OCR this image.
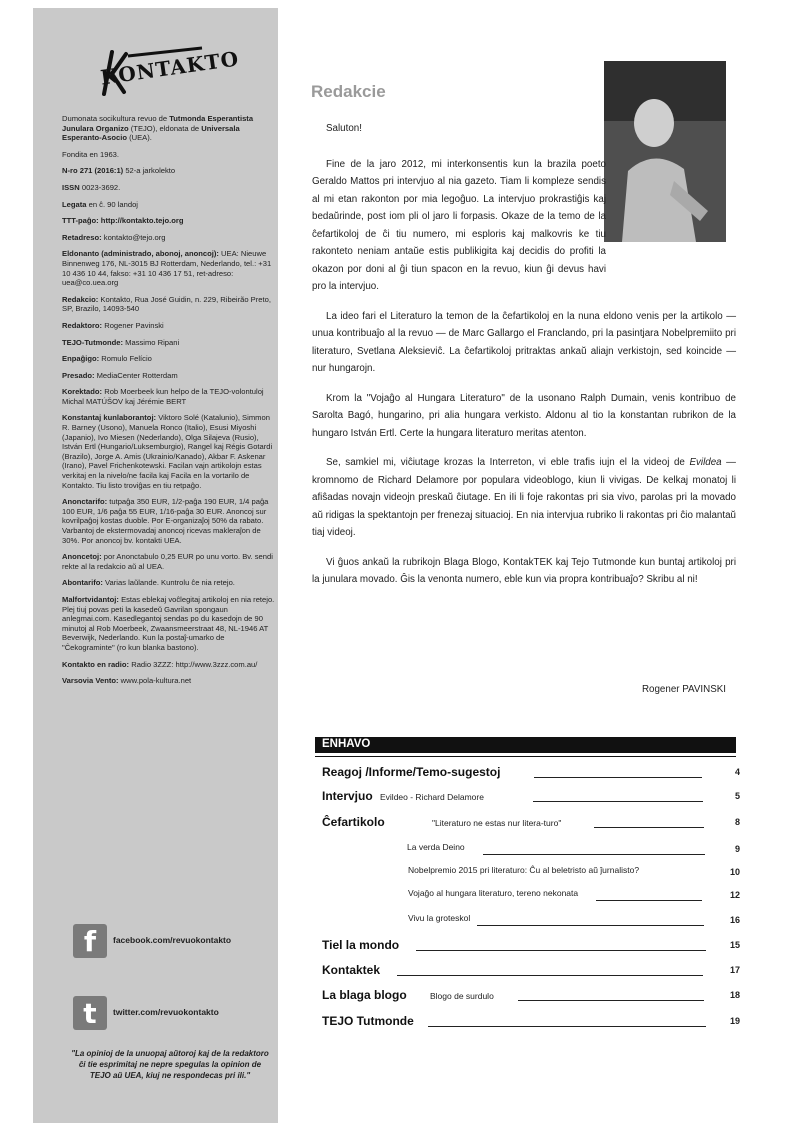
KONTAKTO

Dumonata socikultura revuo de Tutmonda Esperantista Junulara Organizo (TEJO), eldonata de Universala Esperanto-Asocio (UEA).

Fondita en 1963.

N-ro 271 (2016:1) 52-a jarkolekto

ISSN 0023-3692.

Legata en ĉ. 90 landoj

TTT-paĝo: http://kontakto.tejo.org

Retadreso: kontakto@tejo.org

Eldonanto (administrado, abonoj, anoncoj): UEA: Nieuwe Binnenweg 176, NL-3015 BJ Rotterdam, Nederlando, tel.: +31 10 436 10 44, fakso: +31 10 436 17 51, ret-adreso: uea@co.uea.org

Redakcio: Kontakto, Rua José Guidin, n. 229, Ribeirão Preto, SP, Brazilo, 14093-540

Redaktoro: Rogener Pavinski

TEJO-Tutmonde: Massimo Ripani

Enpaĝigo: Romulo Felício

Presado: MediaCenter Rotterdam

Korektado: Rob Moerbeek kun helpo de la TEJO-volontuloj Michal MATÚŠOV kaj Jérémie BERT

Konstantaj kunlaborantoj: Viktoro Solé (Katalunio), Simmon R. Barney (Usono), Manuela Ronco (Italio), Esusi Miyoshi (Japanio), Ivo Miesen (Nederlando), Olga Silajeva (Rusio), István Ertl (Hungario/Luksemburgio), Rangel kaj Régis Gotardi (Brazilo), Jorge A. Amis (Ukrainio/Kanado), Akbar F. Askenar (Irano), Pavel Frichenkotewski. Facilan vajn artikolojn estas verkitaj en la nivelo/ne facila kaj Facila en la vortarilo de Kontakto. Tiu listo troviĝas en tiu retpaĝo.

Anonctarifo: tutpaĝa 350 EUR, 1/2-paĝa 190 EUR, 1/4 paĝa 100 EUR, 1/6 paĝa 55 EUR, 1/16-paĝa 30 EUR. Anoncoj sur kovrilpaĝoj kostas duoble. Por E-organizaĵoj 50% da rabato. Varbantoj de ekstermovadaj anoncoj ricevas makleraĵon de 30%. Por anoncoj bv. kontakti UEA.

Anoncetoj: por Anonctabulo 0,25 EUR po unu vorto. Bv. sendi rekte al la redakcio aŭ al UEA.

Abontarifo: Varias laŭlande. Kuntrolu ĉe nia retejo.

Malfortvidantoj: Estas eblekaj voĉlegitaj artikoloj en nia retejo. Plej tiuj povas peti la kasedeŭ Gavrilan spongaun anlegmai.com. Kasedlegantoj sendas po du kasedojn de 90 minutoj al Rob Moerbeek, Zwaansmeerstraat 48, NL-1946 AT Beverwijk, Nederlando. Kun la postaĵ-umarko de "Ĉekograminte" (ro kun blanka bastono).

Kontakto en radio: Radio 3ZZZ: http://www.3zzz.com.au/

Varsovia Vento: www.pola-kultura.net

f	facebook.com/revuokontakto
t	twitter.com/revuokontakto
"La opinioj de la unuopaj aŭtoroj kaj de la redaktoro ĉi tie esprimitaj ne nepre spegulas la opinion de TEJO aŭ UEA, kiuj ne respondecas pri ili."
Redakcie

Saluton!

Fine de la jaro 2012, mi interkonsentis kun la brazila poeto Geraldo Mattos pri intervjuo al nia gazeto. Tiam li kompleze sendis al mi etan rakonton por mia legoĝuo. La intervjuo prokrastiĝis kaj bedaŭrinde, post iom pli ol jaro li forpasis. Okaze de la temo de la ĉefartikoloj de ĉi tiu numero, mi esploris kaj malkovris ke tiu rakonteto neniam antaŭe estis publikigita kaj decidis do profiti la okazon por doni al ĝi tiun spacon en la revuo, kiun ĝi devus havi pro la intervjuo.

La ideo fari el Literaturo la temon de la ĉefartikoloj en la nuna eldono venis per la artikolo — unua kontribuaĵo al la revuo — de Marc Gallargo el Franclando, pri la pasintjara Nobelpremiito pri literaturo, Svetlana Aleksieviĉ. La ĉefartikoloj pritraktas ankaŭ aliajn verkistojn, sed koincide — nur hungarojn.

Krom la "Vojaĝo al Hungara Literaturo" de la usonano Ralph Dumain, venis kontribuo de Sarolta Bagó, hungarino, pri alia hungara verkisto. Aldonu al tio la konstantan rubrikon de la hungaro István Ertl. Certe la hungara literaturo meritas atenton.

Se, samkiel mi, viĉiutage krozas la Interreton, vi eble trafis iujn el la videoj de Evildea — kromnomo de Richard Delamore por populara videoblogo, kiun li vivigas. De kelkaj monatoj li afiŝadas novajn videojn preskaŭ ĉiutage. En iIi li foje rakontas pri sia vivo, parolas pri la movado aŭ ridigas la spektantojn per frenezaj situacioj. En nia intervjua rubriko li rakontas pri ĉio malantaŭ tiaj videoj.

Vi ĝuos ankaŭ la rubrikojn Blaga Blogo, KontakTEK kaj Tejo Tutmonde kun buntaj artikoloj pri la junulara movado. Ĝis la venonta numero, eble kun via propra kontribuaĵo? Skribu al ni!

Rogener PAVINSKI
ENHAVO
Reagoj /Informe/Temo-sugestoj	4
Intervjuo Evildeo - Richard Delamore	5
Ĉefartikolo	"Literaturo ne estas nur litera-turo"	8
La verda Deino	9
Nobelpremio 2015 pri literaturo: Ĉu al beletristo aŭ ĵurnalisto?	10
Vojaĝo al hungara literaturo, tereno nekonata	12
Vivu la groteskol	16
Tiel la mondo	15
Kontaktek	17
La blaga blogo	Blogo de surdulo	18
TEJO Tutmonde	19
